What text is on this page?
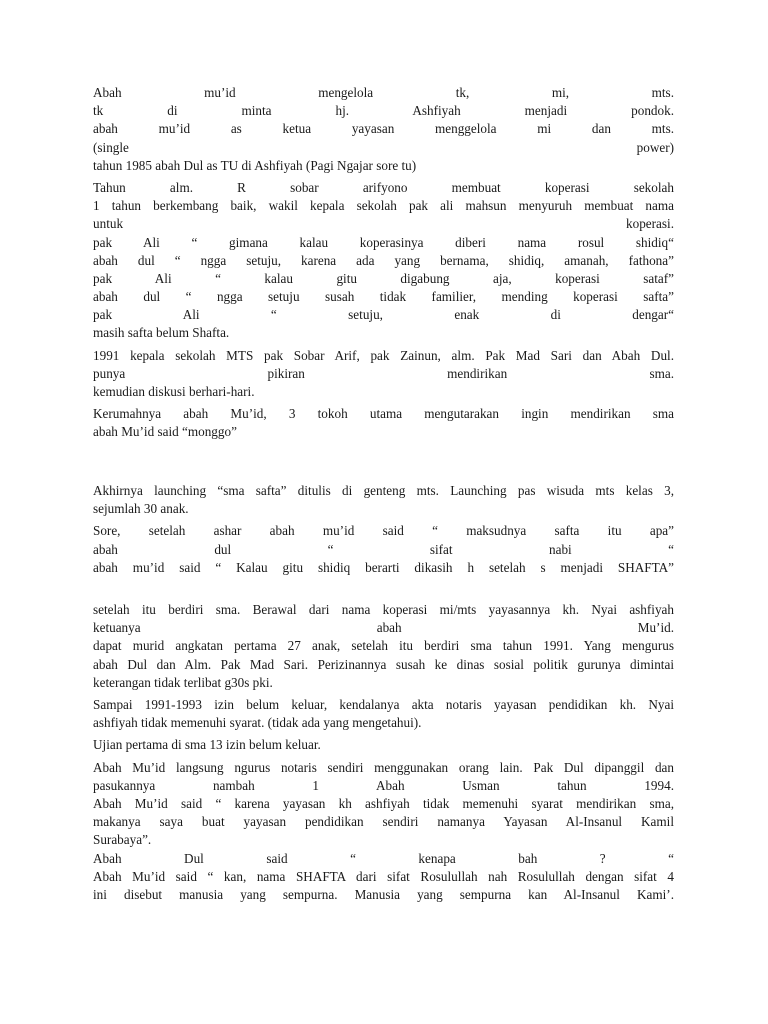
Abah mu’id mengelola tk, mi, mts.
tk di minta hj. Ashfiyah menjadi pondok.
abah mu’id as ketua yayasan menggelola mi dan mts.
(single power)
tahun 1985 abah Dul as TU di Ashfiyah (Pagi Ngajar sore tu)
Tahun alm. R sobar arifyono membuat koperasi sekolah
1 tahun berkembang baik, wakil kepala sekolah pak ali mahsun menyuruh membuat nama
untuk koperasi.
pak Ali “ gimana kalau koperasinya diberi nama rosul shidiq“
abah dul “ ngga setuju, karena ada yang bernama, shidiq, amanah, fathona”
pak Ali “ kalau gitu digabung aja, koperasi sataf”
abah dul “ ngga setuju susah tidak familier, mending koperasi safta”
pak Ali “ setuju, enak di dengar“
masih safta belum Shafta.
1991 kepala sekolah MTS pak Sobar Arif, pak Zainun, alm. Pak Mad Sari dan Abah Dul.
punya pikiran mendirikan sma.
kemudian diskusi berhari-hari.
Kerumahnya abah Mu’id, 3 tokoh utama mengutarakan ingin mendirikan sma
abah Mu’id said “monggo”
Akhirnya launching “sma safta” ditulis di genteng mts. Launching pas wisuda mts kelas 3,
sejumlah 30 anak.
Sore, setelah ashar abah mu’id said “ maksudnya safta itu apa”
abah dul “ sifat nabi “
abah mu’id said “ Kalau gitu shidiq berarti dikasih h setelah s menjadi SHAFTA”
setelah itu berdiri sma. Berawal dari nama koperasi mi/mts yayasannya kh. Nyai ashfiyah
ketuanya abah Mu’id.
dapat murid angkatan pertama 27 anak, setelah itu berdiri sma tahun 1991. Yang mengurus
abah Dul dan Alm. Pak Mad Sari. Perizinannya susah ke dinas sosial politik gurunya dimintai
keterangan tidak terlibat g30s pki.
Sampai 1991-1993 izin belum keluar, kendalanya akta notaris yayasan pendidikan kh. Nyai
ashfiyah tidak memenuhi syarat. (tidak ada yang mengetahui).
Ujian pertama di sma 13 izin belum keluar.
Abah Mu’id langsung ngurus notaris sendiri menggunakan orang lain. Pak Dul dipanggil dan
pasukannya nambah 1 Abah Usman tahun 1994.
Abah Mu’id said “ karena yayasan kh ashfiyah tidak memenuhi syarat mendirikan sma,
makanya saya buat yayasan pendidikan sendiri namanya Yayasan Al-Insanul Kamil
Surabaya”.
Abah Dul said “ kenapa bah ? “
Abah Mu’id said “ kan, nama SHAFTA dari sifat Rosulullah nah Rosulullah dengan sifat 4
ini disebut manusia yang sempurna. Manusia yang sempurna kan Al-Insanul Kami’.
